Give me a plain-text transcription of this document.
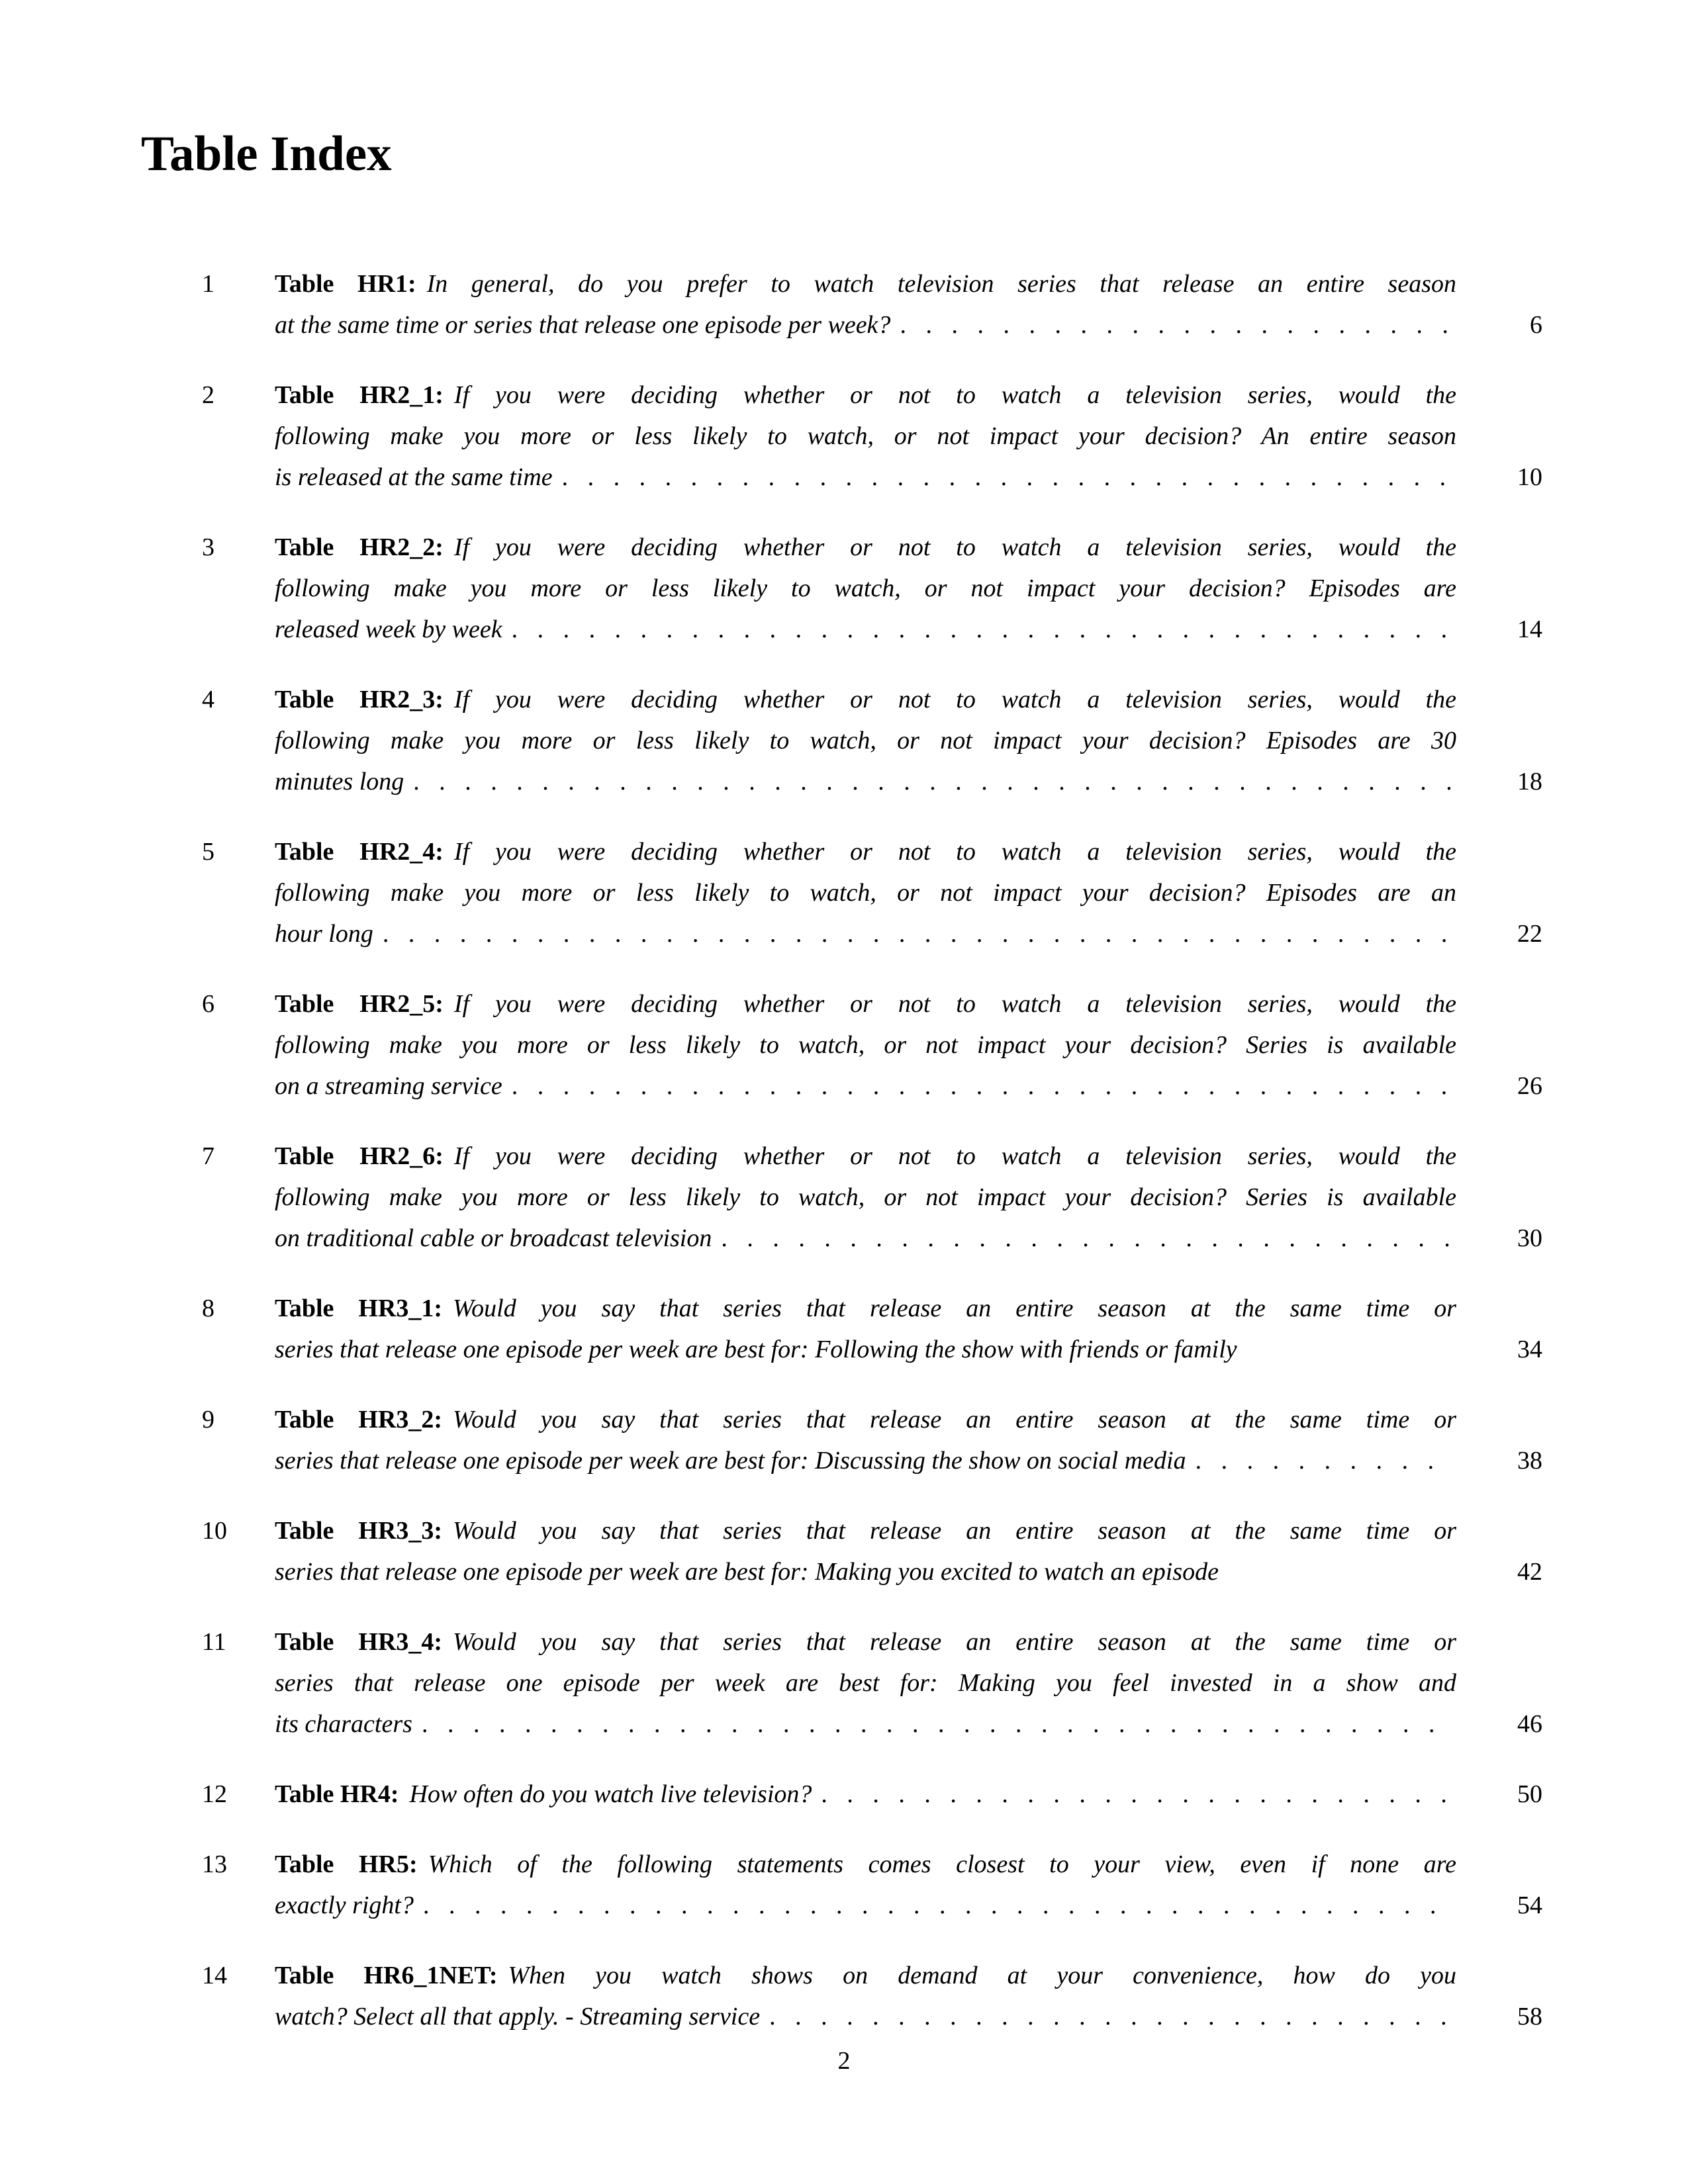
Table Index
1	Table HR1: In general, do you prefer to watch television series that release an entire season
at the same time or series that release one episode per week? . . .	6
2	Table HR2_1: If you were deciding whether or not to watch a television series, would the
following make you more or less likely to watch, or not impact your decision? An entire season
is released at the same time . . .	10
3	Table HR2_2: If you were deciding whether or not to watch a television series, would the
following make you more or less likely to watch, or not impact your decision? Episodes are
released week by week . . .	14
4	Table HR2_3: If you were deciding whether or not to watch a television series, would the
following make you more or less likely to watch, or not impact your decision? Episodes are 30
minutes long . . .	18
5	Table HR2_4: If you were deciding whether or not to watch a television series, would the
following make you more or less likely to watch, or not impact your decision? Episodes are an
hour long . . .	22
6	Table HR2_5: If you were deciding whether or not to watch a television series, would the
following make you more or less likely to watch, or not impact your decision? Series is available
on a streaming service . . .	26
7	Table HR2_6: If you were deciding whether or not to watch a television series, would the
following make you more or less likely to watch, or not impact your decision? Series is available
on traditional cable or broadcast television . . .	30
8	Table HR3_1: Would you say that series that release an entire season at the same time or
series that release one episode per week are best for: Following the show with friends or family	34
9	Table HR3_2: Would you say that series that release an entire season at the same time or
series that release one episode per week are best for: Discussing the show on social media . . .	38
10	Table HR3_3: Would you say that series that release an entire season at the same time or
series that release one episode per week are best for: Making you excited to watch an episode	42
11	Table HR3_4: Would you say that series that release an entire season at the same time or
series that release one episode per week are best for: Making you feel invested in a show and
its characters . . .	46
12	Table HR4: How often do you watch live television? . . .	50
13	Table HR5: Which of the following statements comes closest to your view, even if none are
exactly right? . . .	54
14	Table HR6_1NET: When you watch shows on demand at your convenience, how do you
watch? Select all that apply. - Streaming service . . .	58
2
